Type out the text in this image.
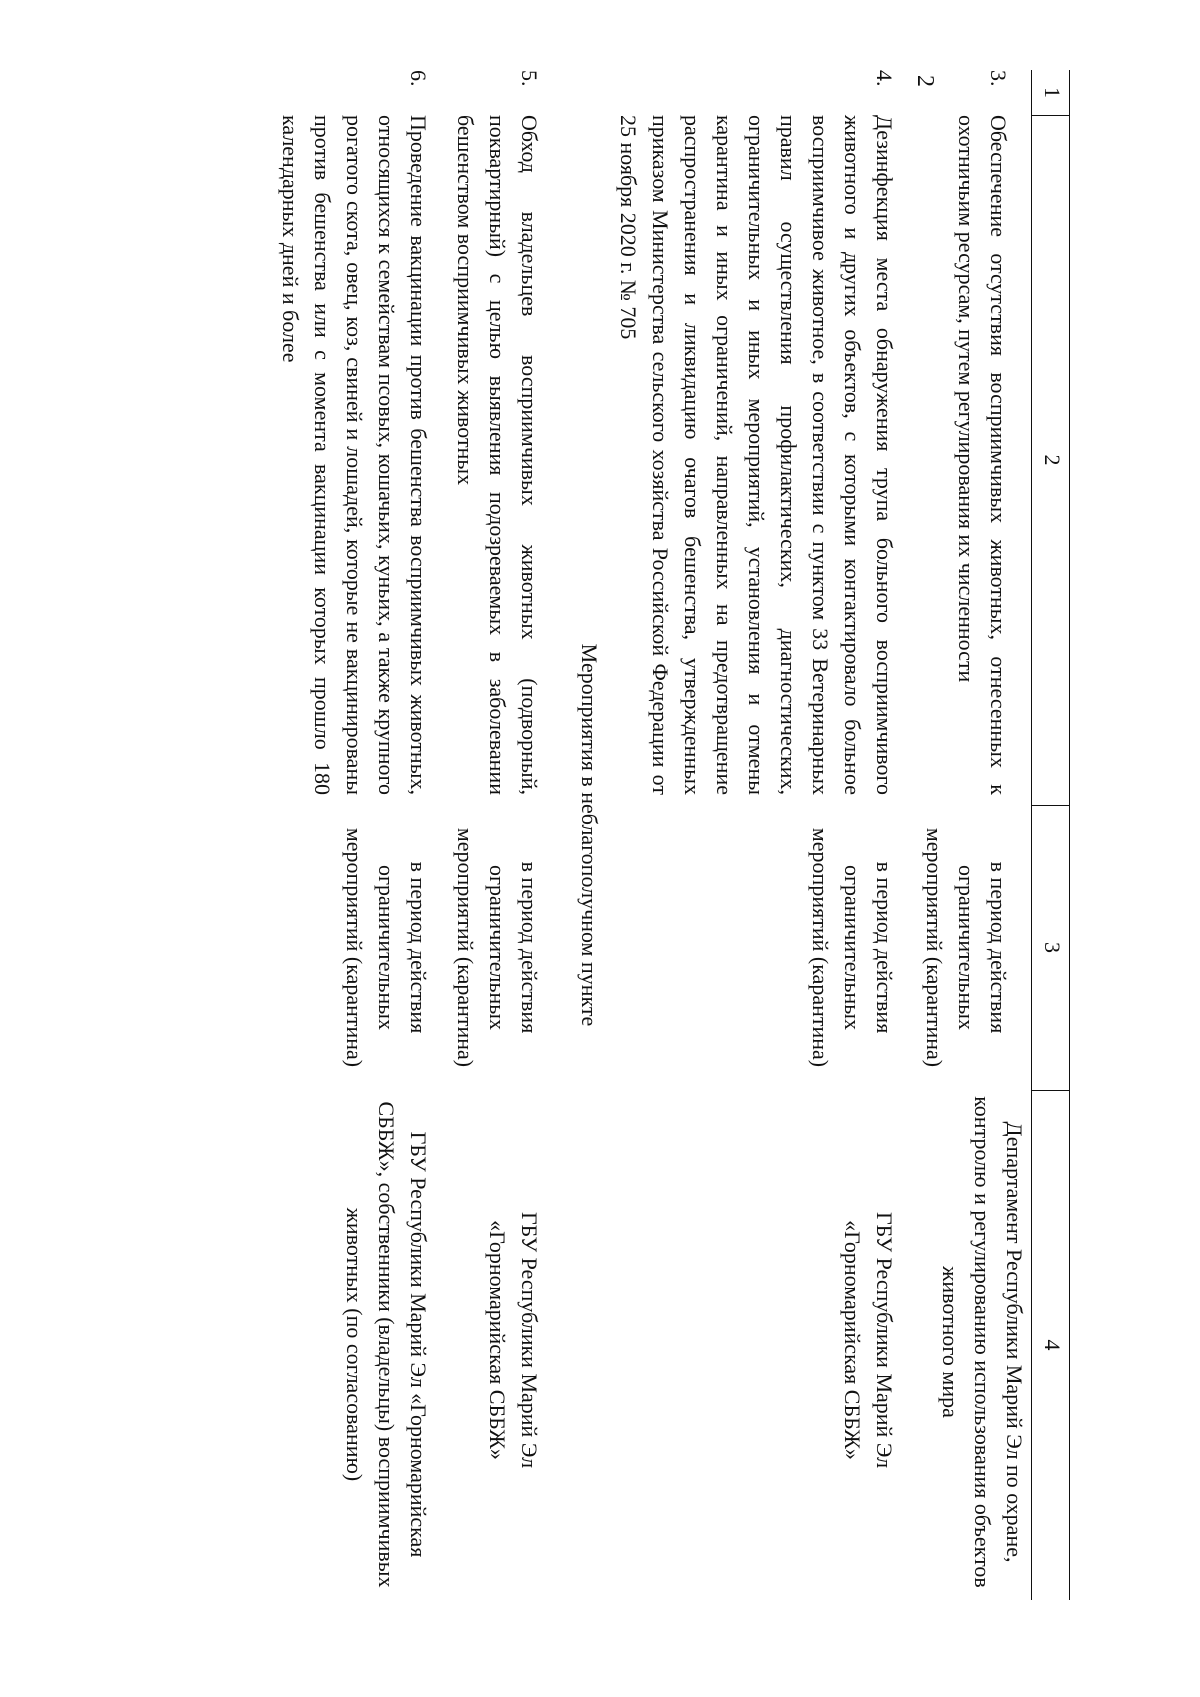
2
1
2
3
4
3.
Обеспечение отсутствия восприимчивых животных, отнесенных к охотничьим ресурсам, путем регулирования их численности
в период действия ограничительных мероприятий (карантина)
Департамент Республики Марий Эл по охране, контролю и регулированию использования объектов животного мира
4.
Дезинфекция места обнаружения трупа больного восприимчивого животного и других объектов, с которыми контактировало больное восприимчивое животное, в соответствии с пунктом 33 Ветеринарных правил осуществления профилактических, диагностических, ограничительных и иных мероприятий, установления и отмены карантина и иных ограничений, направленных на предотвращение распространения и ликвидацию очагов бешенства, утвержденных приказом Министерства сельского хозяйства Российской Федерации от 25 ноября 2020 г. № 705
в период действия ограничительных мероприятий (карантина)
ГБУ Республики Марий Эл «Горномарийская СББЖ»
Мероприятия в неблагополучном пункте
5.
Обход владельцев восприимчивых животных (подворный, поквартирный) с целью выявления подозреваемых в заболевании бешенством восприимчивых животных
в период действия ограничительных мероприятий (карантина)
ГБУ Республики Марий Эл «Горномарийская СББЖ»
6.
Проведение вакцинации против бешенства восприимчивых животных, относящихся к семействам псовых, кошачьих, куньих, а также крупного рогатого скота, овец, коз, свиней и лошадей, которые не вакцинированы против бешенства или с момента вакцинации которых прошло 180 календарных дней и более
в период действия ограничительных мероприятий (карантина)
ГБУ Республики Марий Эл «Горномарийская СББЖ», собственники (владельцы) восприимчивых животных (по согласованию)
